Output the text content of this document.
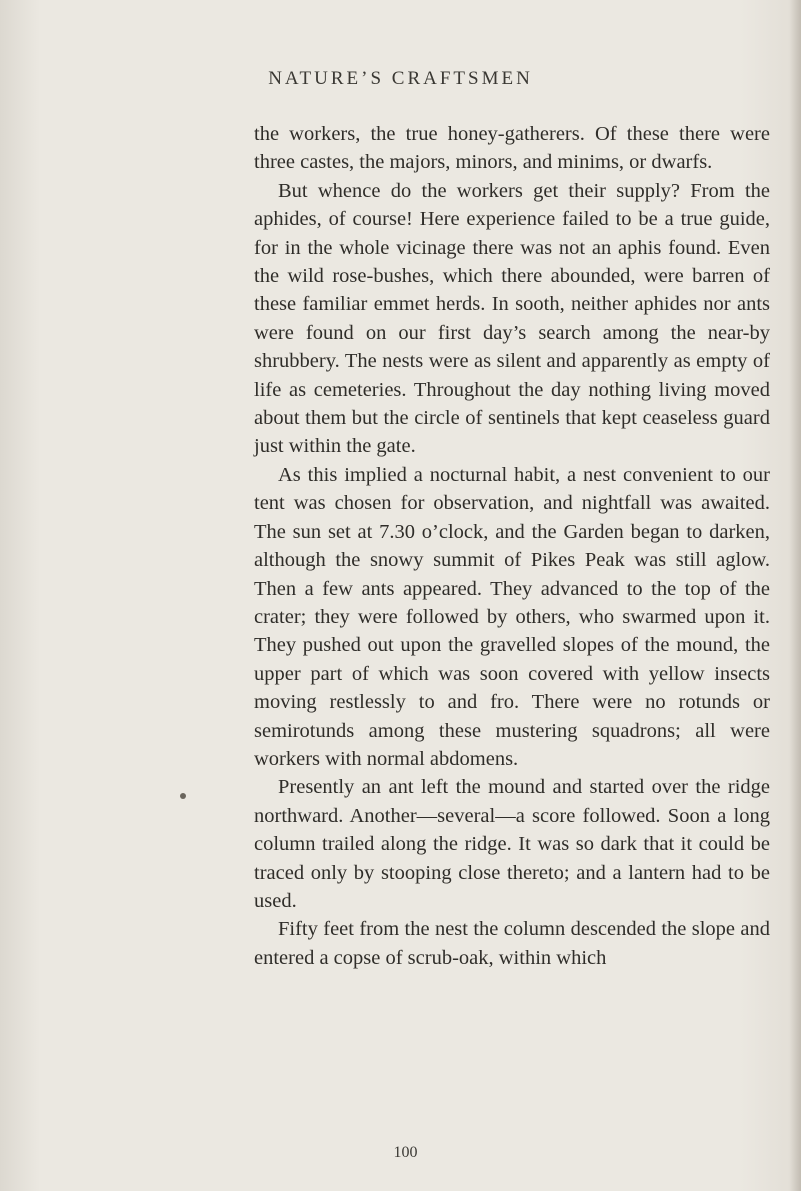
NATURE’S CRAFTSMEN

the workers, the true honey-gatherers. Of these there were three castes, the majors, minors, and minims, or dwarfs.

But whence do the workers get their supply? From the aphides, of course! Here experience failed to be a true guide, for in the whole vicinage there was not an aphis found. Even the wild rose-bushes, which there abounded, were barren of these familiar emmet herds. In sooth, neither aphides nor ants were found on our first day’s search among the near-by shrubbery. The nests were as silent and apparently as empty of life as cemeteries. Throughout the day nothing living moved about them but the circle of sentinels that kept ceaseless guard just within the gate.

As this implied a nocturnal habit, a nest convenient to our tent was chosen for observation, and nightfall was awaited. The sun set at 7.30 o’clock, and the Garden began to darken, although the snowy summit of Pikes Peak was still aglow. Then a few ants appeared. They advanced to the top of the crater; they were followed by others, who swarmed upon it. They pushed out upon the gravelled slopes of the mound, the upper part of which was soon covered with yellow insects moving restlessly to and fro. There were no rotunds or semirotunds among these mustering squadrons; all were workers with normal abdomens.

Presently an ant left the mound and started over the ridge northward. Another—several—a score followed. Soon a long column trailed along the ridge. It was so dark that it could be traced only by stooping close thereto; and a lantern had to be used.

Fifty feet from the nest the column descended the slope and entered a copse of scrub-oak, within which

100
